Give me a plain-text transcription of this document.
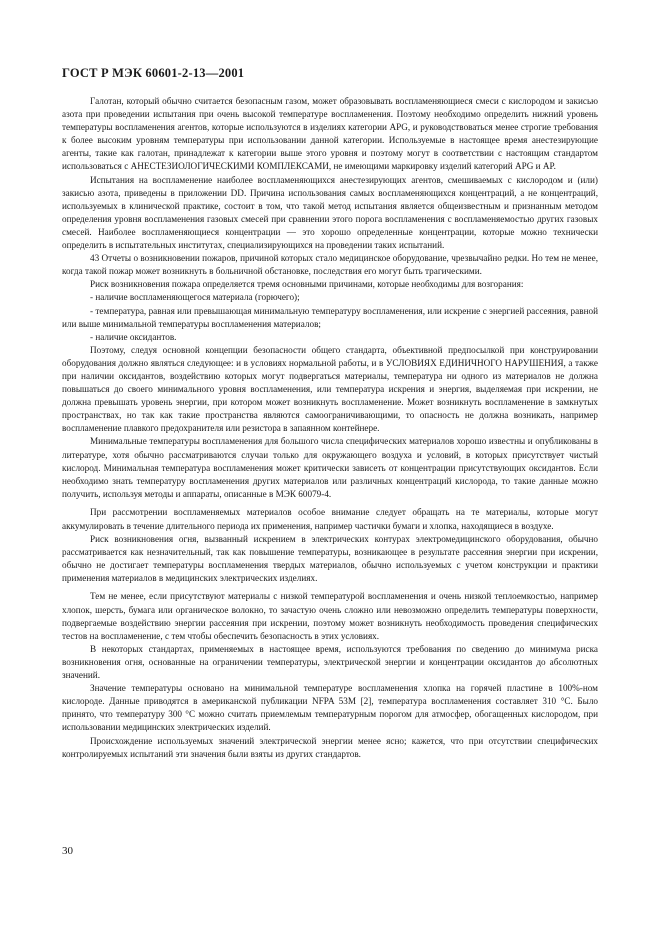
ГОСТ Р МЭК 60601-2-13—2001

Галотан, который обычно считается безопасным газом, может образовывать воспламеняющиеся смеси с кислородом и закисью азота при проведении испытания при очень высокой температуре воспламенения. Поэтому необходимо определить нижний уровень температуры воспламенения агентов, которые используются в изделиях категории APG, и руководствоваться менее строгие требования к более высоким уровням температуры при использовании данной категории. Используемые в настоящее время анестезирующие агенты, такие как галотан, принадлежат к категории выше этого уровня и поэтому могут в соответствии с настоящим стандартом использоваться с АНЕСТЕЗИОЛОГИЧЕСКИМИ КОМПЛЕКСАМИ, не имеющими маркировку изделий категорий APG и AP.

Испытания на воспламенение наиболее воспламеняющихся анестезирующих агентов, смешиваемых с кислородом и (или) закисью азота, приведены в приложении DD. Причина использования самых воспламеняющихся концентраций, а не концентраций, используемых в клинической практике, состоит в том, что такой метод испытания является общеизвестным и признанным методом определения уровня воспламенения газовых смесей при сравнении этого порога воспламенения с воспламеняемостью других газовых смесей. Наиболее воспламеняющиеся концентрации — это хорошо определенные концентрации, которые можно технически определить в испытательных институтах, специализирующихся на проведении таких испытаний.

43 Отчеты о возникновении пожаров, причиной которых стало медицинское оборудование, чрезвычайно редки. Но тем не менее, когда такой пожар может возникнуть в больничной обстановке, последствия его могут быть трагическими.

Риск возникновения пожара определяется тремя основными причинами, которые необходимы для возгорания:

- наличие воспламеняющегося материала (горючего);

- температура, равная или превышающая минимальную температуру воспламенения, или искрение с энергией рассеяния, равной или выше минимальной температуры воспламенения материалов;

- наличие оксидантов.

Поэтому, следуя основной концепции безопасности общего стандарта, объективной предпосылкой при конструировании оборудования должно являться следующее: и в условиях нормальной работы, и в УСЛОВИЯХ ЕДИНИЧНОГО НАРУШЕНИЯ, а также при наличии оксидантов, воздействию которых могут подвергаться материалы, температура ни одного из материалов не должна повышаться до своего минимального уровня воспламенения, или температура искрения и энергия, выделяемая при искрении, не должна превышать уровень энергии, при котором может возникнуть воспламенение. Может возникнуть воспламенение в замкнутых пространствах, но так как такие пространства являются самоограничивающими, то опасность не должна возникать, например воспламенение плавкого предохранителя или резистора в запаянном контейнере.

Минимальные температуры воспламенения для большого числа специфических материалов хорошо известны и опубликованы в литературе, хотя обычно рассматриваются случаи только для окружающего воздуха и условий, в которых присутствует чистый кислород. Минимальная температура воспламенения может критически зависеть от концентрации присутствующих оксидантов. Если необходимо знать температуру воспламенения других материалов или различных концентраций кислорода, то такие данные можно получить, используя методы и аппараты, описанные в МЭК 60079-4.

При рассмотрении воспламеняемых материалов особое внимание следует обращать на те материалы, которые могут аккумулировать в течение длительного периода их применения, например частички бумаги и хлопка, находящиеся в воздухе.

Риск возникновения огня, вызванный искрением в электрических контурах электромедицинского оборудования, обычно рассматривается как незначительный, так как повышение температуры, возникающее в результате рассеяния энергии при искрении, обычно не достигает температуры воспламенения твердых материалов, обычно используемых с учетом конструкции и практики применения материалов в медицинских электрических изделиях.

Тем не менее, если присутствуют материалы с низкой температурой воспламенения и очень низкой теплоемкостью, например хлопок, шерсть, бумага или органическое волокно, то зачастую очень сложно или невозможно определить температуры поверхности, подвергаемые воздействию энергии рассеяния при искрении, поэтому может возникнуть необходимость проведения специфических тестов на воспламенение, с тем чтобы обеспечить безопасность в этих условиях.

В некоторых стандартах, применяемых в настоящее время, используются требования по сведению до минимума риска возникновения огня, основанные на ограничении температуры, электрической энергии и концентрации оксидантов до абсолютных значений.

Значение температуры основано на минимальной температуре воспламенения хлопка на горячей пластине в 100%-ном кислороде. Данные приводятся в американской публикации NFPA 53M [2], температура воспламенения составляет 310 °С. Было принято, что температуру 300 °С можно считать приемлемым температурным порогом для атмосфер, обогащенных кислородом, при использовании медицинских электрических изделий.

Происхождение используемых значений электрической энергии менее ясно; кажется, что при отсутствии специфических контролируемых испытаний эти значения были взяты из других стандартов.

30
